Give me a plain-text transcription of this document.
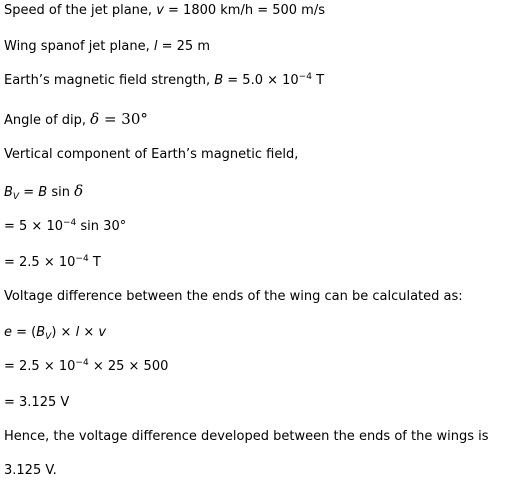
Speed of the jet plane, v = 1800 km/h = 500 m/s
Wing spanof jet plane, l = 25 m
Earth’s magnetic field strength, $B = 5.0 \times 10^{-4}$ T
Angle of dip, δ = 30°
Vertical component of Earth’s magnetic field,
$B_V = B$ sin δ
= $5 \times 10^{-4}$ sin 30°
= $2.5 \times 10^{-4}$ T
Voltage difference between the ends of the wing can be calculated as:
$e = (B_V) \times l \times v$
= $2.5 \times 10^{-4} \times 25 \times 500$
= 3.125 V
Hence, the voltage difference developed between the ends of the wings is
3.125 V.
